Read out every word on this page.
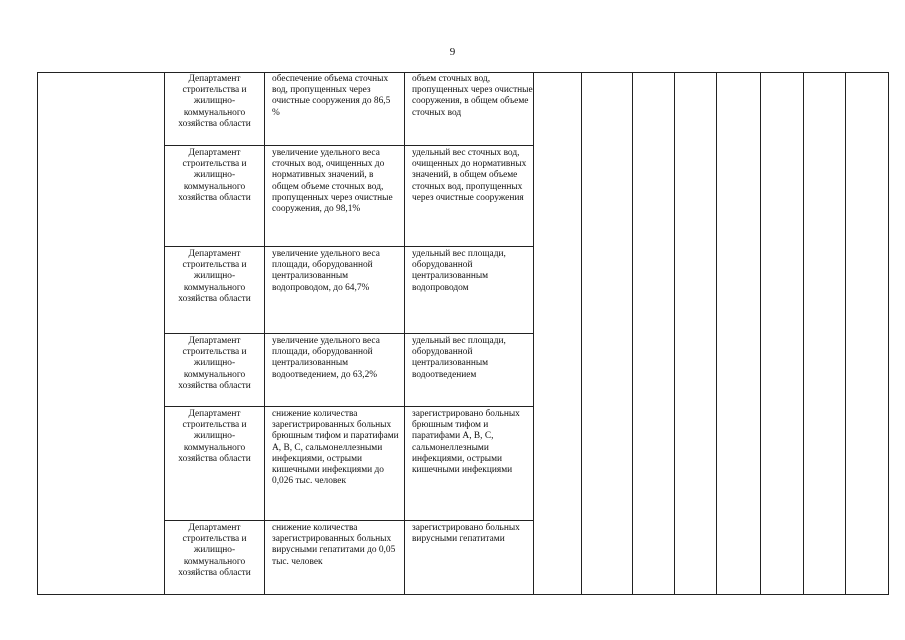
9
Департамент строительства и жилищно-коммунального хозяйства области
обеспечение объема сточных вод, пропущенных через очистные сооружения до 86,5 %
объем сточных вод, пропущенных через очистные сооружения, в общем объеме сточных вод
Департамент строительства и жилищно-коммунального хозяйства области
увеличение удельного веса сточных вод, очищенных до нормативных значений, в общем объеме сточных вод, пропущенных через очистные сооружения, до 98,1%
удельный вес сточных вод, очищенных до нормативных значений, в общем объеме сточных вод, пропущенных через очистные сооружения
Департамент строительства и жилищно-коммунального хозяйства области
увеличение удельного веса площади, оборудованной централизованным водопроводом, до 64,7%
удельный вес площади, оборудованной централизованным водопроводом
Департамент строительства и жилищно-коммунального хозяйства области
увеличение удельного веса площади, оборудованной централизованным водоотведением, до 63,2%
удельный вес площади, оборудованной централизованным водоотведением
Департамент строительства и жилищно-коммунального хозяйства области
снижение количества зарегистрированных больных брюшным тифом и паратифами А, В, С, сальмонеллезными инфекциями, острыми кишечными инфекциями до 0,026 тыс. человек
зарегистрировано больных брюшным тифом и паратифами А, В, С, сальмонеллезными инфекциями, острыми кишечными инфекциями
Департамент строительства и жилищно-коммунального хозяйства области
снижение количества зарегистрированных больных вирусными гепатитами до 0,05 тыс. человек
зарегистрировано больных вирусными гепатитами
